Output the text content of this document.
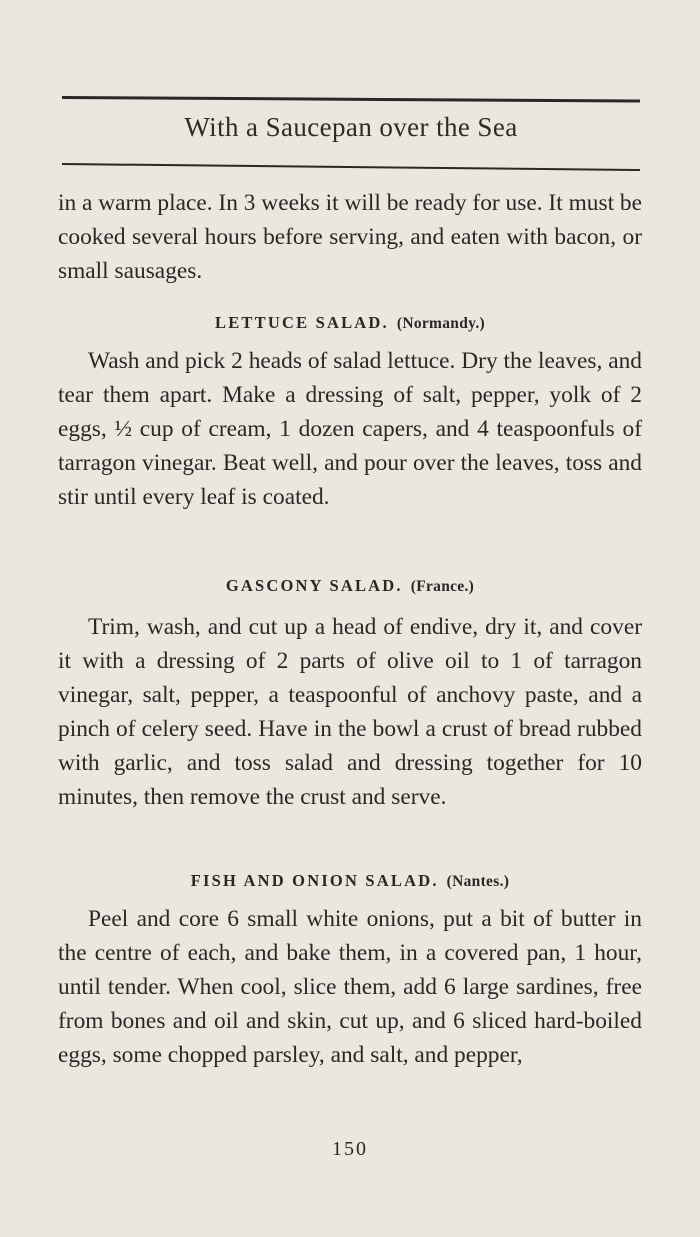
With a Saucepan over the Sea
in a warm place. In 3 weeks it will be ready for use. It must be cooked several hours before serving, and eaten with bacon, or small sausages.
LETTUCE SALAD. (Normandy.)
Wash and pick 2 heads of salad lettuce. Dry the leaves, and tear them apart. Make a dressing of salt, pepper, yolk of 2 eggs, ½ cup of cream, 1 dozen capers, and 4 teaspoonfuls of tarragon vinegar. Beat well, and pour over the leaves, toss and stir until every leaf is coated.
GASCONY SALAD. (France.)
Trim, wash, and cut up a head of endive, dry it, and cover it with a dressing of 2 parts of olive oil to 1 of tarragon vinegar, salt, pepper, a teaspoonful of anchovy paste, and a pinch of celery seed. Have in the bowl a crust of bread rubbed with garlic, and toss salad and dressing together for 10 minutes, then remove the crust and serve.
FISH AND ONION SALAD. (Nantes.)
Peel and core 6 small white onions, put a bit of butter in the centre of each, and bake them, in a covered pan, 1 hour, until tender. When cool, slice them, add 6 large sardines, free from bones and oil and skin, cut up, and 6 sliced hard-boiled eggs, some chopped parsley, and salt, and pepper,
150
